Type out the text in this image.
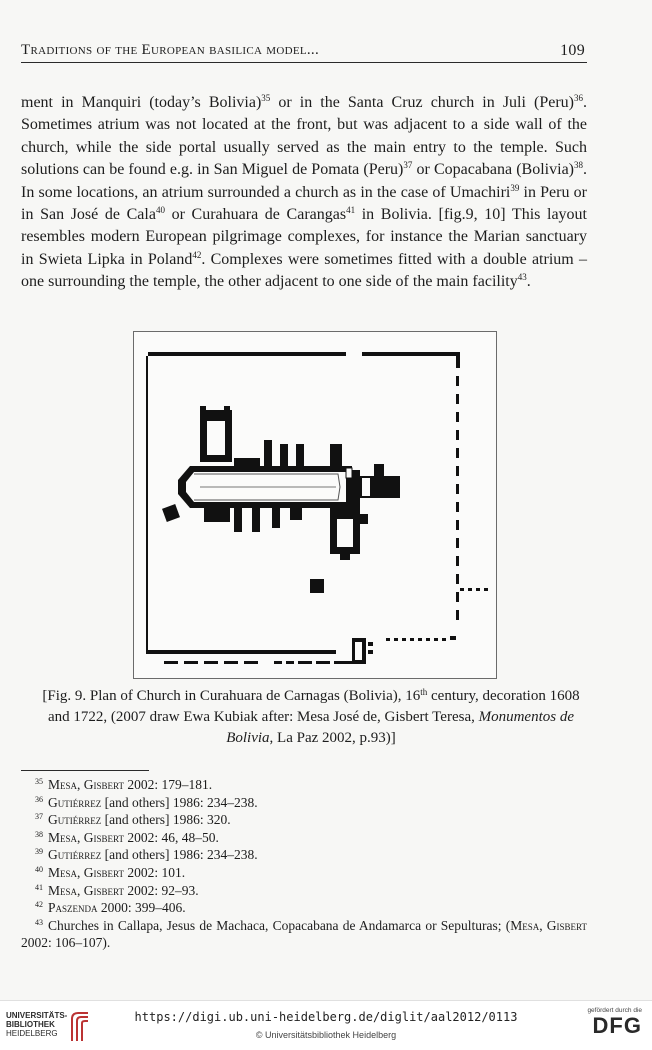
Traditions of the European basilica model...	109
ment in Manquiri (today’s Bolivia)$^{35}$ or in the Santa Cruz church in Juli (Peru)$^{36}$. Sometimes atrium was not located at the front, but was adjacent to a side wall of the church, while the side portal usually served as the main entry to the temple. Such solutions can be found e.g. in San Miguel de Pomata (Peru)$^{37}$ or Copacabana (Bolivia)$^{38}$. In some locations, an atrium surrounded a church as in the case of Umachiri$^{39}$ in Peru or in San José de Cala$^{40}$ or Curahuara de Carangas$^{41}$ in Bolivia. [fig.9, 10] This layout resembles modern European pilgrimage complexes, for instance the Marian sanctuary in Swieta Lipka in Poland$^{42}$. Complexes were sometimes fitted with a double atrium – one surrounding the temple, the other adjacent to one side of the main facility$^{43}$.
[Fig. 9. Plan of Church in Curahuara de Carnagas (Bolivia), 16th century, decoration 1608 and 1722, (2007 draw Ewa Kubiak after: Mesa José de, Gisbert Teresa, Monumentos de Bolivia, La Paz 2002, p.93)]
$^{35}$ Mesa, Gisbert 2002: 179–181.
$^{36}$ Gutiérrez [and others] 1986: 234–238.
$^{37}$ Gutiérrez [and others] 1986: 320.
$^{38}$ Mesa, Gisbert 2002: 46, 48–50.
$^{39}$ Gutiérrez [and others] 1986: 234–238.
$^{40}$ Mesa, Gisbert 2002: 101.
$^{41}$ Mesa, Gisbert 2002: 92–93.
$^{42}$ Paszenda 2000: 399–406.
$^{43}$ Churches in Callapa, Jesus de Machaca, Copacabana de Andamarca or Sepulturas; (Mesa, Gisbert 2002: 106–107).
UNIVERSITÄTS-
BIBLIOTHEK
HEIDELBERG
https://digi.ub.uni-heidelberg.de/diglit/aal2012/0113
© Universitätsbibliothek Heidelberg
gefördert durch die
DFG
